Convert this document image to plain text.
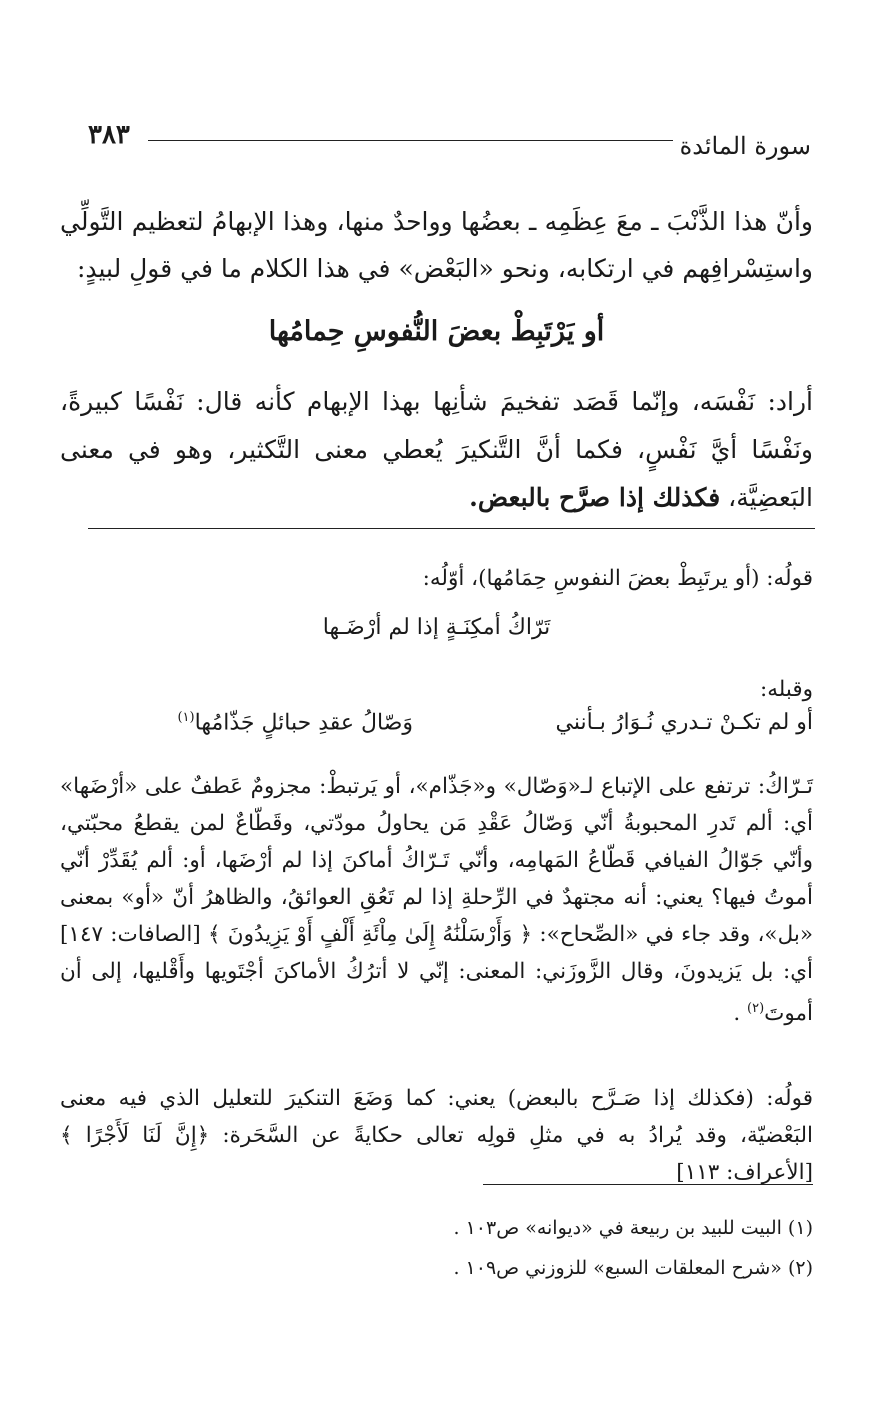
سورة المائدة
٣٨٣

وأنّ هذا الذَّنْبَ ـ معَ عِظَمِه ـ بعضُها وواحدٌ منها، وهذا الإبهامُ لتعظيم التَّولِّي واستِسْرافِهم في ارتكابه، ونحو «البَعْض» في هذا الكلام ما في قولِ لبيدٍ:

أو يَرْتَبِطْ بعضَ النُّفوسِ حِمامُها
أراد: نَفْسَه، وإنّما قَصَد تفخيمَ شأنِها بهذا الإبهام كأنه قال: نَفْسًا كبيرةً، ونَفْسًا أيَّ نَفْسٍ، فكما أنَّ التَّنكيرَ يُعطي معنى التَّكثير، وهو في معنى البَعضِيَّة، فكذلك إذا صرَّح بالبعض.
قولُه: (أو يرتَبِطْ بعضَ النفوسِ حِمَامُها)، أوّلُه:
تَرّاكُ أمكِنَـةٍ إذا لم أرْضَـها
وقبله:
أو لم تكـنْ تـدري نُـوَارُ بـأنني
وَصّالُ عقدِ حبائلٍ جَذّامُها$^{(١)}$
تَـرّاكُ: ترتفع على الإتباع لـ«وَصّال» و«جَذّام»، أو يَرتبطْ: مجزومٌ عَطفٌ على «أرْضَها» أي: ألم تَدرِ المحبوبةُ أنّي وَصّالُ عَقْدِ مَن يحاولُ مودّتي، وقَطّاعٌ لمن يقطعُ محبّتي، وأنّي جَوّالُ الفيافي قَطّاعُ المَهامِه، وأنّي تَـرّاكُ أماكنَ إذا لم أرْضَها، أو: ألم يُقَدِّرْ أنّي أموتُ فيها؟ يعني: أنه مجتهدٌ في الرِّحلةِ إذا لم تَعُقِ العوائقُ، والظاهرُ أنّ «أو» بمعنى «بل»، وقد جاء في «الصِّحاح»: ﴿ وَأَرْسَلْنَٰهُ إِلَىٰ مِاْئَةِ أَلْفٍ أَوْ يَزِيدُونَ ﴾ [الصافات: ١٤٧] أي: بل يَزيدونَ، وقال الزَّوزَني: المعنى: إنّي لا أترُكُ الأماكنَ أجْتَويها وأَقْليها، إلى أن أموتَ$^{(٢)}$ .
قولُه: (فكذلك إذا صَـرَّح بالبعض) يعني: كما وَضَعَ التنكيرَ للتعليل الذي فيه معنى البَعْضيّة، وقد يُرادُ به في مثلِ قولِه تعالى حكايةً عن السَّحَرة: ﴿إِنَّ لَنَا لَأَجْرًا ﴾ [الأعراف: ١١٣]

(١) البيت للبيد بن ربيعة في «ديوانه» ص١٠٣ .

(٢) «شرح المعلقات السبع» للزوزني ص١٠٩ .
